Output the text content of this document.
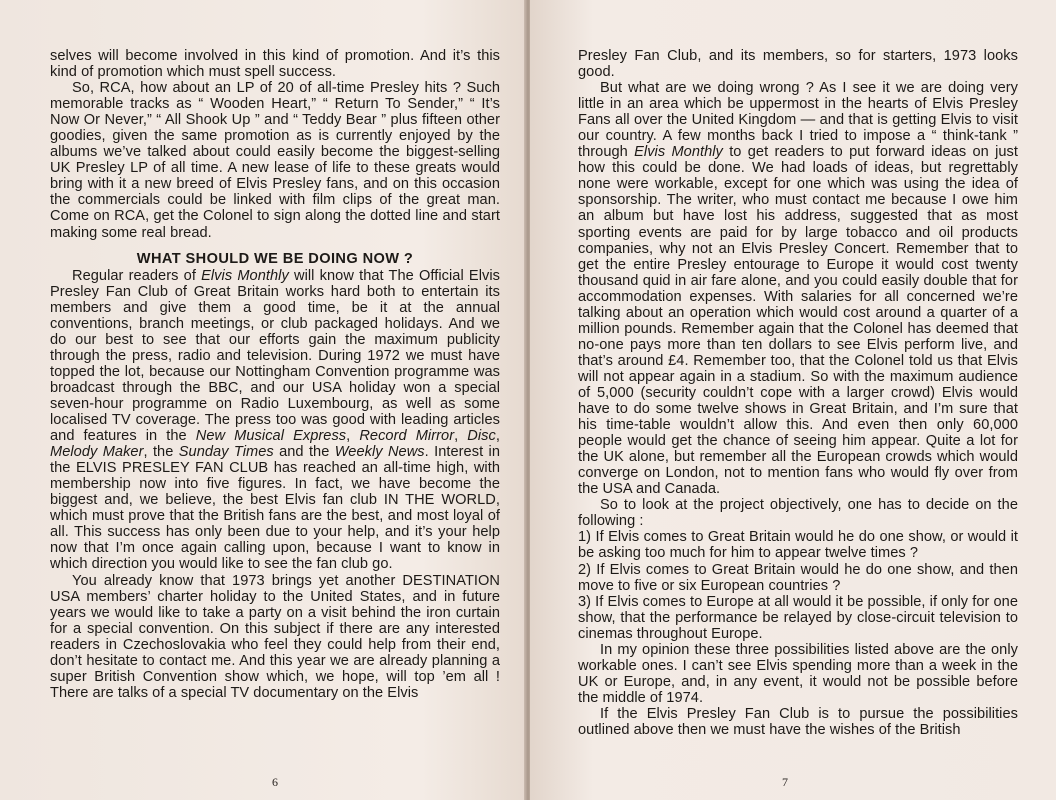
selves will become involved in this kind of promotion. And it’s this kind of promotion which must spell success.

So, RCA, how about an LP of 20 of all-time Presley hits ? Such memorable tracks as “ Wooden Heart,” “ Return To Sender,” “ It’s Now Or Never,” “ All Shook Up ” and “ Teddy Bear ” plus fifteen other goodies, given the same promotion as is currently enjoyed by the albums we’ve talked about could easily become the biggest-selling UK Presley LP of all time. A new lease of life to these greats would bring with it a new breed of Elvis Presley fans, and on this occasion the commercials could be linked with film clips of the great man. Come on RCA, get the Colonel to sign along the dotted line and start making some real bread.

WHAT SHOULD WE BE DOING NOW ?

Regular readers of Elvis Monthly will know that The Official Elvis Presley Fan Club of Great Britain works hard both to entertain its members and give them a good time, be it at the annual conventions, branch meetings, or club packaged holidays. And we do our best to see that our efforts gain the maximum publicity through the press, radio and television. During 1972 we must have topped the lot, because our Nottingham Convention programme was broadcast through the BBC, and our USA holiday won a special seven-hour programme on Radio Luxembourg, as well as some localised TV coverage. The press too was good with leading articles and features in the New Musical Express, Record Mirror, Disc, Melody Maker, the Sunday Times and the Weekly News. Interest in the ELVIS PRESLEY FAN CLUB has reached an all-time high, with membership now into five figures. In fact, we have become the biggest and, we believe, the best Elvis fan club IN THE WORLD, which must prove that the British fans are the best, and most loyal of all. This success has only been due to your help, and it’s your help now that I’m once again calling upon, because I want to know in which direction you would like to see the fan club go.

You already know that 1973 brings yet another DESTINATION USA members’ charter holiday to the United States, and in future years we would like to take a party on a visit behind the iron curtain for a special convention. On this subject if there are any interested readers in Czechoslovakia who feel they could help from their end, don’t hesitate to contact me. And this year we are already planning a super British Convention show which, we hope, will top ’em all ! There are talks of a special TV documentary on the Elvis

6

Presley Fan Club, and its members, so for starters, 1973 looks good.

But what are we doing wrong ? As I see it we are doing very little in an area which be uppermost in the hearts of Elvis Presley Fans all over the United Kingdom — and that is getting Elvis to visit our country. A few months back I tried to impose a “ think-tank ” through Elvis Monthly to get readers to put forward ideas on just how this could be done. We had loads of ideas, but regrettably none were workable, except for one which was using the idea of sponsorship. The writer, who must contact me because I owe him an album but have lost his address, suggested that as most sporting events are paid for by large tobacco and oil products companies, why not an Elvis Presley Concert. Remember that to get the entire Presley entourage to Europe it would cost twenty thousand quid in air fare alone, and you could easily double that for accommodation expenses. With salaries for all concerned we’re talking about an operation which would cost around a quarter of a million pounds. Remember again that the Colonel has deemed that no-one pays more than ten dollars to see Elvis perform live, and that’s around £4. Remember too, that the Colonel told us that Elvis will not appear again in a stadium. So with the maximum audience of 5,000 (security couldn’t cope with a larger crowd) Elvis would have to do some twelve shows in Great Britain, and I’m sure that his time-table wouldn’t allow this. And even then only 60,000 people would get the chance of seeing him appear. Quite a lot for the UK alone, but remember all the European crowds which would converge on London, not to mention fans who would fly over from the USA and Canada.

So to look at the project objectively, one has to decide on the following :

1) If Elvis comes to Great Britain would he do one show, or would it be asking too much for him to appear twelve times ?

2) If Elvis comes to Great Britain would he do one show, and then move to five or six European countries ?

3) If Elvis comes to Europe at all would it be possible, if only for one show, that the performance be relayed by close-circuit television to cinemas throughout Europe.

In my opinion these three possibilities listed above are the only workable ones. I can’t see Elvis spending more than a week in the UK or Europe, and, in any event, it would not be possible before the middle of 1974.

If the Elvis Presley Fan Club is to pursue the possibilities outlined above then we must have the wishes of the British

7
